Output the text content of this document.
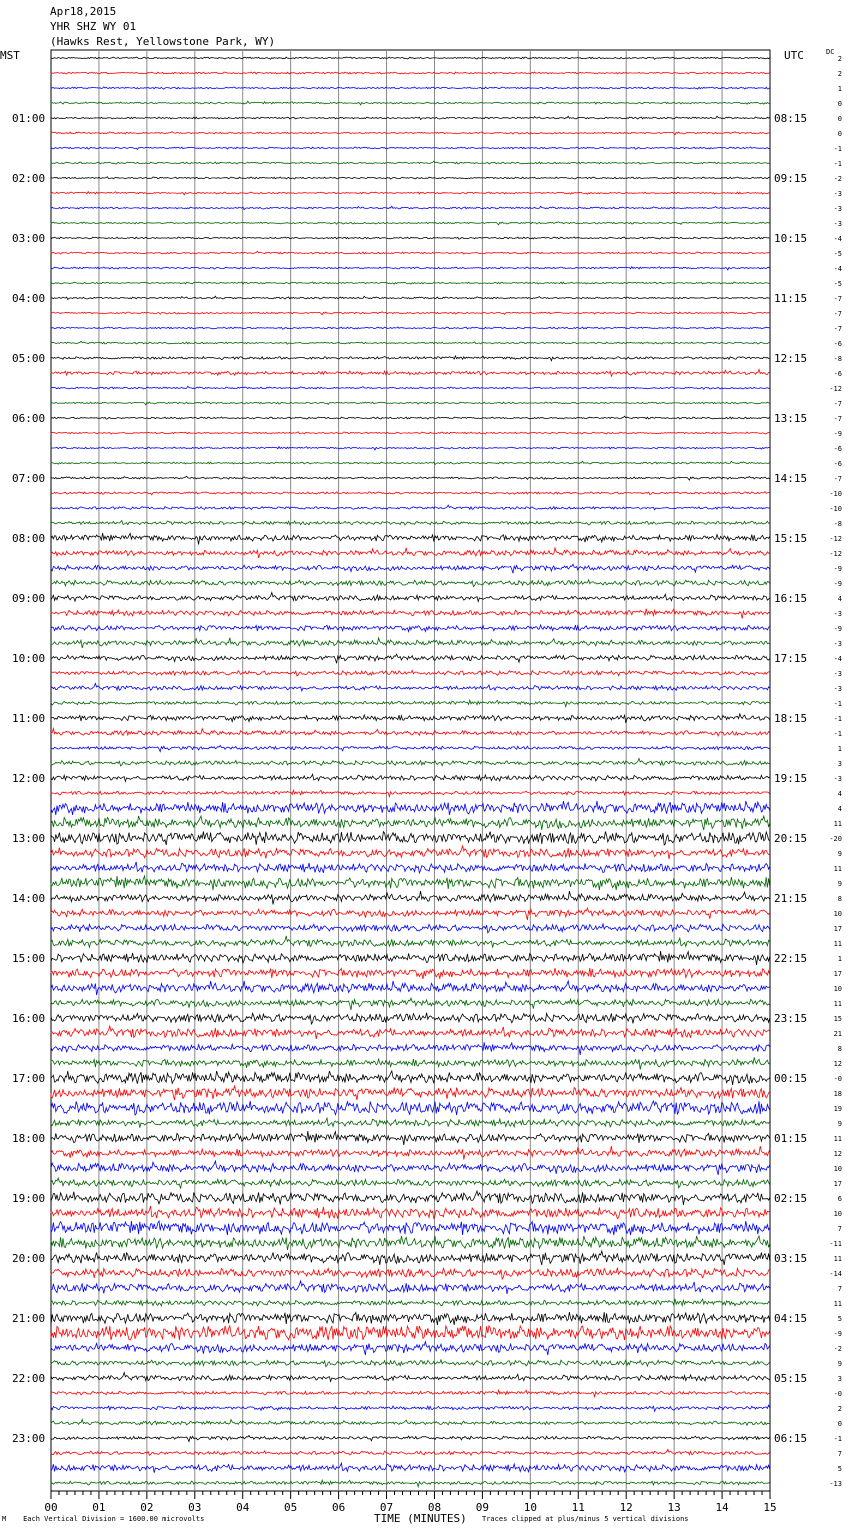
Apr18,2015
YHR SHZ WY 01
(Hawks Rest, Yellowstone Park, WY)
MST	UTC	DC
2
2
1
0
0
01:00	08:15
0
-1
-1
-2
02:00	09:15
-3
-3
-3
-4
03:00	10:15
-5
-4
-5
-7
04:00	11:15
-7
-7
-6
-8
05:00	12:15
-6
-12
-7
-7
06:00	13:15
-9
-6
-6
-7
07:00	14:15
-10
-10
-8
-12
08:00	15:15
-12
-9
-9
4
09:00	16:15
-3
-9
-3
-4
10:00	17:15
-3
-3
-1
-1
11:00	18:15
-1
1
3
-3
12:00	19:15
4
4
11
-20
13:00	20:15
9
11
9
8
14:00	21:15
10
17
11
1
15:00	22:15
17
10
11
15
16:00	23:15
21
8
12
-0
17:00	00:15
18
19
9
11
18:00	01:15
12
10
17
6
19:00	02:15
10
7
-11
11
20:00	03:15
-14
7
11
5
21:00	04:15
-9
-2
9
3
22:00	05:15
-0
2
0
-1
23:00	06:15
7
5
-13
00	01	02	03	04	05	06	07	08	09	10	11	12	13	14	15
TIME (MINUTES)
M Each Vertical Division = 1600.00 microvolts	Traces clipped at plus/minus 5 vertical divisions
